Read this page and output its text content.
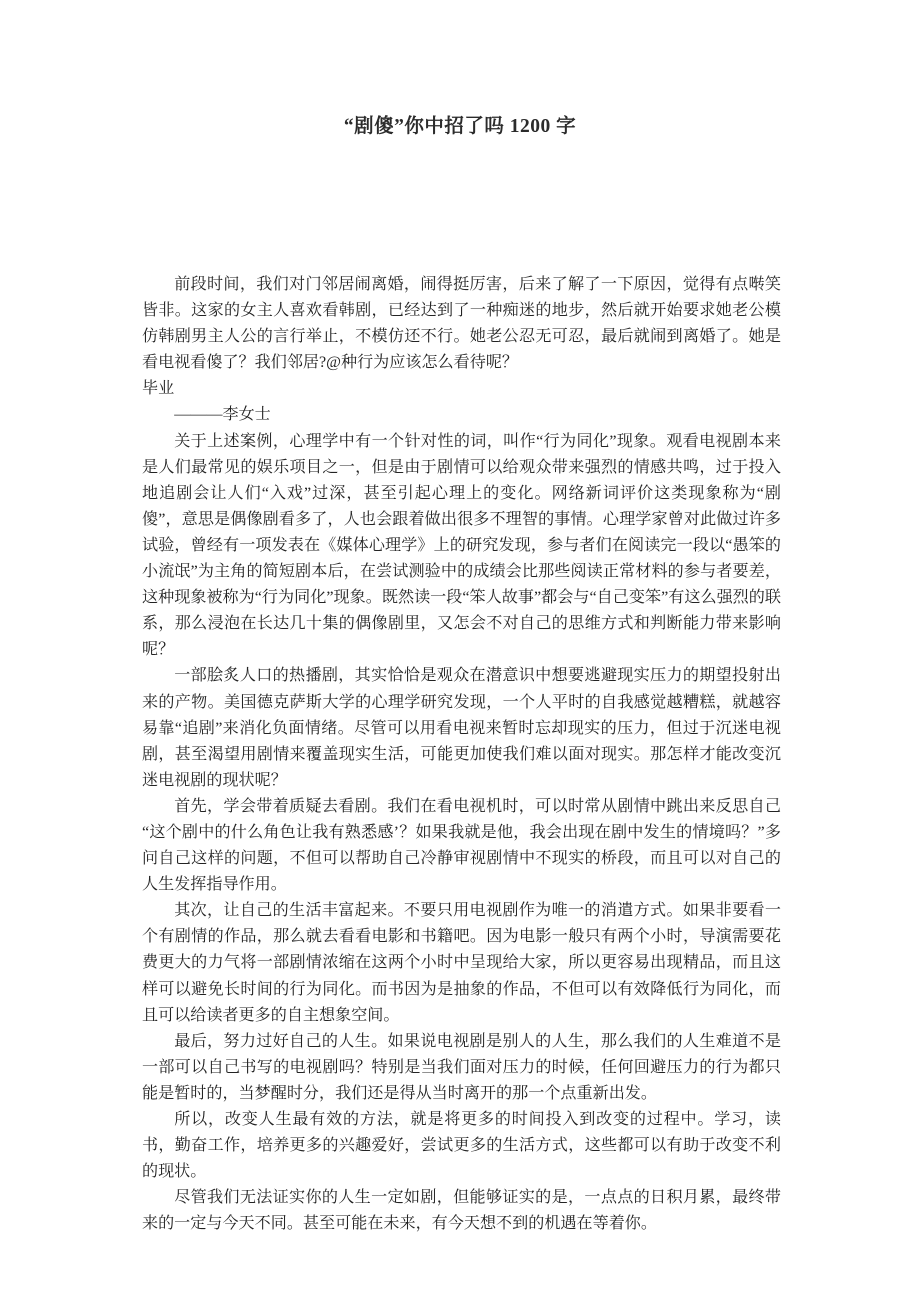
“剧傻”你中招了吗 1200 字

前段时间，我们对门邻居闹离婚，闹得挺厉害，后来了解了一下原因，觉得有点啭笑皆非。这家的女主人喜欢看韩剧，已经达到了一种痴迷的地步，然后就开始要求她老公模仿韩剧男主人公的言行举止，不模仿还不行。她老公忍无可忍，最后就闹到离婚了。她是看电视看傻了？我们邻居?@种行为应该怎么看待呢？

毕业

———李女士

关于上述案例，心理学中有一个针对性的词，叫作“行为同化”现象。观看电视剧本来是人们最常见的娱乐项目之一，但是由于剧情可以给观众带来强烈的情感共鸣，过于投入地追剧会让人们“入戏”过深，甚至引起心理上的变化。网络新词评价这类现象称为“剧傻”，意思是偶像剧看多了，人也会跟着做出很多不理智的事情。心理学家曾对此做过许多试验，曾经有一项发表在《媒体心理学》上的研究发现，参与者们在阅读完一段以“愚笨的小流氓”为主角的简短剧本后，在尝试测验中的成绩会比那些阅读正常材料的参与者要差，这种现象被称为“行为同化”现象。既然读一段“笨人故事”都会与“自己变笨”有这么强烈的联系，那么浸泡在长达几十集的偶像剧里，又怎会不对自己的思维方式和判断能力带来影响呢？

一部脍炙人口的热播剧，其实恰恰是观众在潜意识中想要逃避现实压力的期望投射出来的产物。美国德克萨斯大学的心理学研究发现，一个人平时的自我感觉越糟糕，就越容易靠“追剧”来消化负面情绪。尽管可以用看电视来暂时忘却现实的压力，但过于沉迷电视剧，甚至渴望用剧情来覆盖现实生活，可能更加使我们难以面对现实。那怎样才能改变沉迷电视剧的现状呢？

首先，学会带着质疑去看剧。我们在看电视机时，可以时常从剧情中跳出来反思自己“这个剧中的什么角色让我有熟悉感’？如果我就是他，我会出现在剧中发生的情境吗？”多问自己这样的问题，不但可以帮助自己冷静审视剧情中不现实的桥段，而且可以对自己的人生发挥指导作用。

其次，让自己的生活丰富起来。不要只用电视剧作为唯一的消遣方式。如果非要看一个有剧情的作品，那么就去看看电影和书籍吧。因为电影一般只有两个小时，导演需要花费更大的力气将一部剧情浓缩在这两个小时中呈现给大家，所以更容易出现精品，而且这样可以避免长时间的行为同化。而书因为是抽象的作品，不但可以有效降低行为同化，而且可以给读者更多的自主想象空间。

最后，努力过好自己的人生。如果说电视剧是别人的人生，那么我们的人生难道不是一部可以自己书写的电视剧吗？特别是当我们面对压力的时候，任何回避压力的行为都只能是暂时的，当梦醒时分，我们还是得从当时离开的那一个点重新出发。

所以，改变人生最有效的方法，就是将更多的时间投入到改变的过程中。学习，读书，勤奋工作，培养更多的兴趣爱好，尝试更多的生活方式，这些都可以有助于改变不利的现状。

尽管我们无法证实你的人生一定如剧，但能够证实的是，一点点的日积月累，最终带来的一定与今天不同。甚至可能在未来，有今天想不到的机遇在等着你。
